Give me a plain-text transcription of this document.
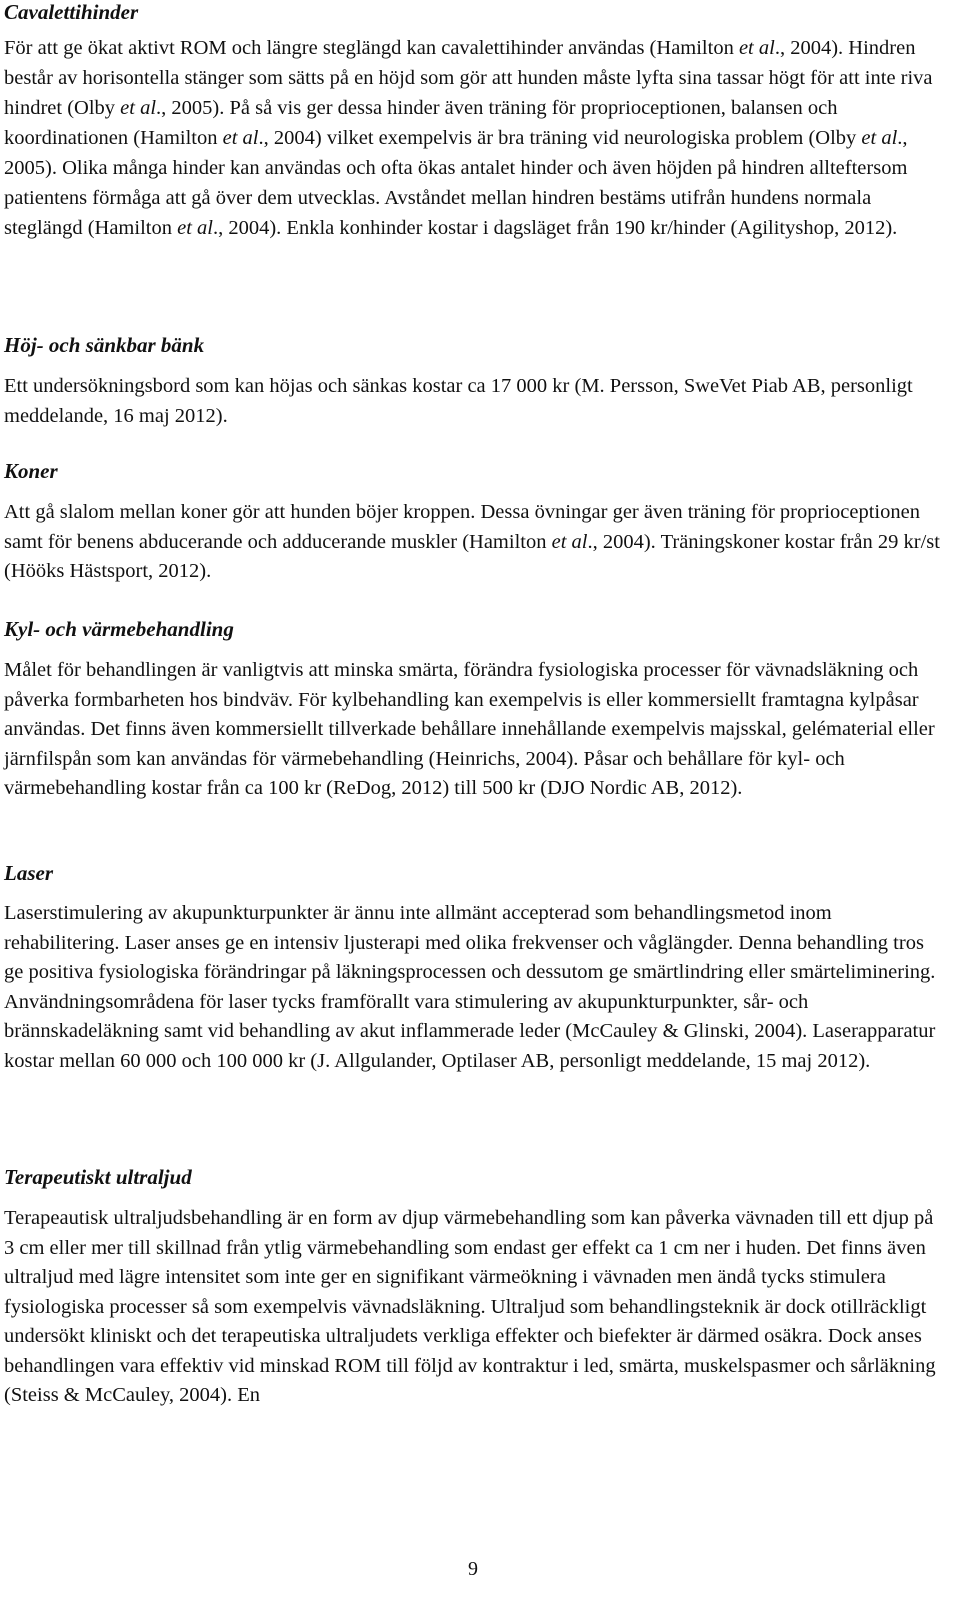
Cavalettihinder

För att ge ökat aktivt ROM och längre steglängd kan cavalettihinder användas (Hamilton et al., 2004). Hindren består av horisontella stänger som sätts på en höjd som gör att hunden måste lyfta sina tassar högt för att inte riva hindret (Olby et al., 2005). På så vis ger dessa hinder även träning för proprioceptionen, balansen och koordinationen (Hamilton et al., 2004) vilket exempelvis är bra träning vid neurologiska problem (Olby et al., 2005). Olika många hinder kan användas och ofta ökas antalet hinder och även höjden på hindren allteftersom patientens förmåga att gå över dem utvecklas. Avståndet mellan hindren bestäms utifrån hundens normala steglängd (Hamilton et al., 2004). Enkla konhinder kostar i dagsläget från 190 kr/hinder (Agilityshop, 2012).

Höj- och sänkbar bänk

Ett undersökningsbord som kan höjas och sänkas kostar ca 17 000 kr (M. Persson, SweVet Piab AB, personligt meddelande, 16 maj 2012).

Koner

Att gå slalom mellan koner gör att hunden böjer kroppen. Dessa övningar ger även träning för proprioceptionen samt för benens abducerande och adducerande muskler (Hamilton et al., 2004). Träningskoner kostar från 29 kr/st (Hööks Hästsport, 2012).

Kyl- och värmebehandling

Målet för behandlingen är vanligtvis att minska smärta, förändra fysiologiska processer för vävnadsläkning och påverka formbarheten hos bindväv. För kylbehandling kan exempelvis is eller kommersiellt framtagna kylpåsar användas. Det finns även kommersiellt tillverkade behållare innehållande exempelvis majsskal, gelématerial eller järnfilspån som kan användas för värmebehandling (Heinrichs, 2004). Påsar och behållare för kyl- och värmebehandling kostar från ca 100 kr (ReDog, 2012) till 500 kr (DJO Nordic AB, 2012).

Laser

Laserstimulering av akupunkturpunkter är ännu inte allmänt accepterad som behandlingsmetod inom rehabilitering. Laser anses ge en intensiv ljusterapi med olika frekvenser och våglängder. Denna behandling tros ge positiva fysiologiska förändringar på läkningsprocessen och dessutom ge smärtlindring eller smärteliminering. Användningsområdena för laser tycks framförallt vara stimulering av akupunkturpunkter, sår- och brännskadeläkning samt vid behandling av akut inflammerade leder (McCauley & Glinski, 2004). Laserapparatur kostar mellan 60 000 och 100 000 kr (J. Allgulander, Optilaser AB, personligt meddelande, 15 maj 2012).

Terapeutiskt ultraljud

Terapeautisk ultraljudsbehandling är en form av djup värmebehandling som kan påverka vävnaden till ett djup på 3 cm eller mer till skillnad från ytlig värmebehandling som endast ger effekt ca 1 cm ner i huden. Det finns även ultraljud med lägre intensitet som inte ger en signifikant värmeökning i vävnaden men ändå tycks stimulera fysiologiska processer så som exempelvis vävnadsläkning. Ultraljud som behandlingsteknik är dock otillräckligt undersökt kliniskt och det terapeutiska ultraljudets verkliga effekter och biefekter är därmed osäkra. Dock anses behandlingen vara effektiv vid minskad ROM till följd av kontraktur i led, smärta, muskelspasmer och sårläkning (Steiss & McCauley, 2004). En

9
